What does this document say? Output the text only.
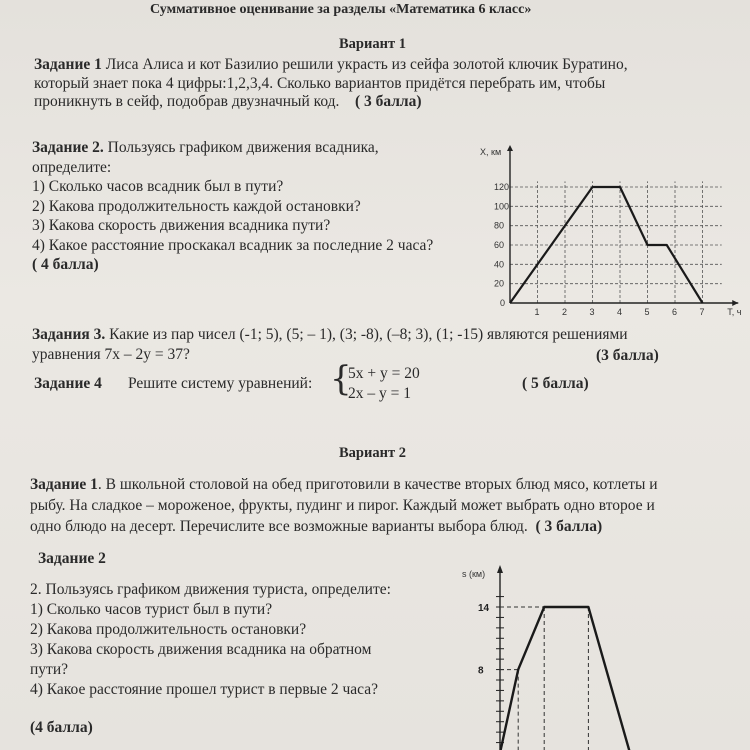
Суммативное оценивание за разделы «Математика 6 класс»
Вариант 1
Задание 1 Лиса Алиса и кот Базилио решили украсть из сейфа золотой ключик Буратино,
который знает пока 4 цифры:1,2,3,4. Сколько вариантов придётся перебрать им, чтобы
проникнуть в сейф, подобрав двузначный код. ( 3 балла)
Задание 2. Пользуясь графиком движения всадника,
определите:
1) Сколько часов всадник был в пути?
2) Какова продолжительность каждой остановки?
3) Какова скорость движения всадника пути?
4) Какое расстояние проскакал всадник за последние 2 часа?
( 4 балла)
1 2 3 4 5 6 7
20
40
60
80
100
120
0
X, км
T, ч
Задания 3. Какие из пар чисел (-1; 5), (5; – 1), (3; -8), (–8; 3), (1; -15) являются решениями
уравнения 7x – 2y = 37?	(3 балла)
Задание 4 Решите систему уравнений: {
5x + y = 20
2x – y = 1
( 5 балла)
Вариант 2
Задание 1. В школьной столовой на обед приготовили в качестве вторых блюд мясо, котлеты и
рыбу. На сладкое – мороженое, фрукты, пудинг и пирог. Каждый может выбрать одно второе и
одно блюдо на десерт. Перечислите все возможные варианты выбора блюд. ( 3 балла)
Задание 2
2. Пользуясь графиком движения туриста, определите:
1) Сколько часов турист был в пути?
2) Какова продолжительность остановки?
3) Какова скорость движения всадника на обратном
пути?
4) Какое расстояние прошел турист в первые 2 часа?
(4 балла)
s (км)
8
14
